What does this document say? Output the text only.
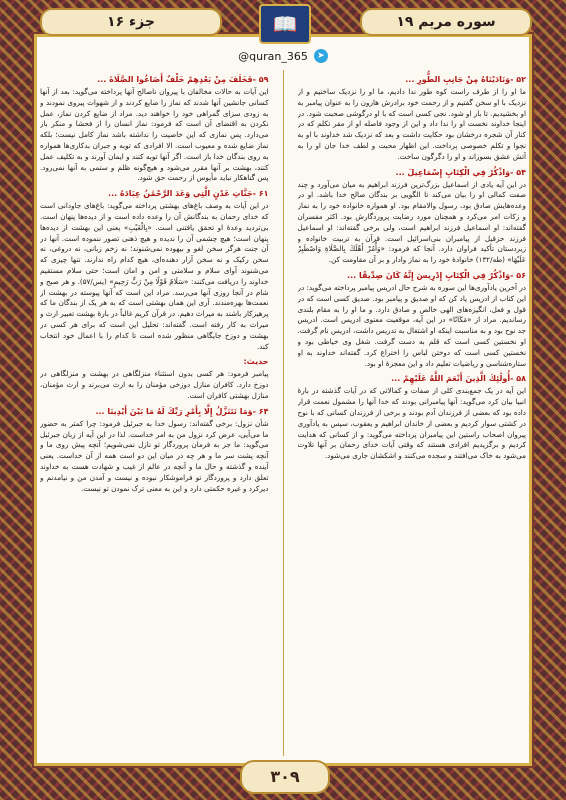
جزء ۱۶	📖	سوره مریم ۱۹
@quran_365	➤
۵۲ -وَنَادَيْنَاهُ مِنْ جَانِبِ الطُّورِ ...

ما او را از طرف راست کوه طور ندا دادیم، ما او را نزدیک ساختیم و از نزدیک با او سخن گفتیم و از رحمت خود برادرش هارون را به عنوان پیامبر به او بخشیدیم. تا بار او شود. نجی کسی است که با او درگوشی صحبت شود. در اینجا خداوند نخست او را ندا داد و این از وجود فاصله او از مقر تکلم که در کنار آن شجره درخشان بود حکایت داشت و بعد که نزدیک شد خداوند با او به نجوا و تکلم خصوصی پرداخت. این اظهار محبت و لطف خدا جان او را به آتش عشق بسوزاند و او را دگرگون ساخت.

۵۴ -وَاذْكُرْ فِي الْكِتَابِ إِسْمَاعِيلَ ...

در این آیه یادی از اسماعیل بزرگ‌ترین فرزند ابراهیم به میان می‌آورد و چند صفت کمالی او را بیان می‌کند تا الگویی بر بندگان صالح خدا باشد. او در وعده‌هایش صادق بود، رسول والامقام بود. او همواره خانواده خود را به نماز و زکات امر می‌کرد و همچنان مورد رضایت پروردگارش بود. اکثر مفسران گفته‌اند: او اسماعیل فرزند ابراهیم است، ولی برخی گفته‌اند: او اسماعیل فرزند حزقیل از پیامبران بنی‌اسرائیل است. قرآن به تربیت خانواده و زیردستان تأکید فراوان دارد. آنجا که فرمود: «وَأْمُرْ أَهْلَكَ بِالصَّلَاةِ وَاصْطَبِرْ عَلَيْهَا» (طه/۱۳۲) خانوادهٔ خود را به نماز وادار و بر آن مقاومت کن.

۵۶ -وَاذْكُرْ فِي الْكِتَابِ إِدْرِيسَ إِنَّهُ كَانَ صِدِّيقًا ...

در آخرین یادآوری‌ها این سوره به شرح حال ادریس پیامبر پرداخته می‌گوید: در این کتاب از ادریس یاد کن که او صدیق و پیامبر بود. صدیق کسی است که در قول و فعل، انگیزه‌های الهی خالص و صادق دارد. و ما او را به مقام بلندی رساندیم. مراد از «مَكَانًا» در این آیه، موقعیت معنوی ادریس است. ادریس جد نوح بود و به مناسبت اینکه او اشتغال به تدریس داشت، ادریس نام گرفت. او نخستین کسی است که قلم به دست گرفت. شغل وی خیاطی بود و نخستین کسی است که دوختن لباس را اختراع کرد. گفته‌اند خداوند به او ستاره‌شناسی و ریاضیات تعلیم داد و این معجزهٔ او بود.

۵۸ -أُولَٰئِكَ الَّذِينَ أَنْعَمَ اللَّهُ عَلَيْهِمْ ...

این آیه در یک جمع‌بندی کلی از صفات و کمالاتی که در آیات گذشته در بارهٔ انبیا بیان کرد می‌گوید: آنها پیامبرانی بودند که خدا آنها را مشمول نعمت قرار داده بود که بعضی از فرزندان آدم بودند و برخی از فرزندان کسانی که با نوح در کشتی سوار کردیم و بعضی از خاندان ابراهیم و یعقوب، سپس به یادآوری پیروان اصحاب راستین این پیامبران پرداخته می‌گوید: و از کسانی که هدایت کردیم و برگزیدیم افرادی هستند که وقتی آیات خدای رحمان بر آنها تلاوت می‌شود به خاک می‌افتند و سجده می‌کنند و اشکشان جاری می‌شود.

۵۹ -فَخَلَفَ مِنْ بَعْدِهِمْ خَلْفٌ أَضَاعُوا الصَّلَاةَ ...

این آیات به حالات مخالفان با پیروان ناصالح آنها پرداخته می‌گوید: بعد از آنها کسانی جانشین آنها شدند که نماز را ضایع کردند و از شهوات پیروی نمودند و به زودی سزای گمراهی خود را خواهند دید. مراد از ضایع کردن نماز، عمل نکردن به اقتضای آن است که فرمود: نماز انسان را از فحشا و منکر باز می‌دارد. پس نمازی که این خاصیت را نداشته باشد نماز کامل نیست؛ بلکه نماز ضایع شده و معیوب است. الا افرادی که توبه و جبران بدکاری‌ها همواره به روی بندگان خدا باز است. اگر آنها توبه کنند و ایمان آورند و به تکلیف عمل کنند، بهشت بر آنها مقرر می‌شود و هیچ‌گونه ظلم و ستمی به آنها نمی‌رود. پس گناهکار نباید مأیوس از رحمت حق شود.

۶۱ -جَنَّاتِ عَدْنٍ الَّتِي وَعَدَ الرَّحْمَٰنُ عِبَادَهُ ...

در این آیات به وصف باغ‌های بهشتی پرداخته می‌گوید: باغ‌های جاودانی است که خدای رحمان به بندگانش آن را وعده داده است و از دیده‌ها پنهان است. بی‌تردید وعدهٔ او تحقق یافتنی است. «بِالْغَيْبِ» یعنی این بهشت از دیده‌ها پنهان است؛ هیچ چشمی آن را ندیده و هیچ ذهنی تصور ننموده است. آنها در آن جنت هرگز سخن لغو و بیهوده نمی‌شنوند؛ نه زخم زبانی، نه دروغی، نه سخن رکیک و نه سخن آزار دهنده‌ای، هیچ کدام راه ندارند. تنها چیزی که می‌شنوند آوای سلام و سلامتی و امن و امان است؛ حتی سلام مستقیم خداوند را دریافت می‌کنند: «سَلَامٌ قَوْلًا مِنْ رَبٍّ رَحِيمٍ» (یس/۵۷). و هر صبح و شام در آنجا روزی آنها می‌رسد. مراد این است که آنها پیوسته در بهشت از نعمت‌ها بهره‌مندند. آری این همان بهشتی است که به هر یک از بندگان ما که پرهیزکار باشند به میراث دهیم. در قرآن کریم غالباً در بارهٔ بهشت تعبیر ارث و میراث به کار رفته است. گفته‌اند: تحلیل این است که برای هر کسی در بهشت و دوزخ جایگاهی منظور شده است تا کدام را با اعمال خود انتخاب کند.

حدیث:

پیامبر فرمود: هر کسی بدون استثناء منزلگاهی در بهشت و منزلگاهی در دوزخ دارد. کافران منازل دوزخی مؤمنان را به ارث می‌برند و ارث مؤمنان، منازل بهشتی کافران است.

۶۴ -وَمَا نَتَنَزَّلُ إِلَّا بِأَمْرِ رَبِّكَ لَهُ مَا بَيْنَ أَيْدِينَا ...

شأن نزول: برخی گفته‌اند: رسول خدا به جبرئیل فرمود: چرا کمتر به حضور ما می‌آیی، عرض کرد نزول من به امر خداست. لذا در این آیه از زبان جبرئیل می‌گوید: ما جز به فرمان پروردگار تو نازل نمی‌شویم؛ آنچه پیش روی ما و آنچه پشت سر ما و هر چه در میان این دو است همه از آن خداست. یعنی آینده و گذشته و حال ما و آنچه در عالم از غیب و شهادت هست به خداوند تعلق دارد و پروردگار تو فراموشکار نبوده و نیست و آمدن من و نیامدنم و دیرکرد و غیره حکمتی دارد و این به معنی ترک نمودن تو نیست.

۳۰۹
